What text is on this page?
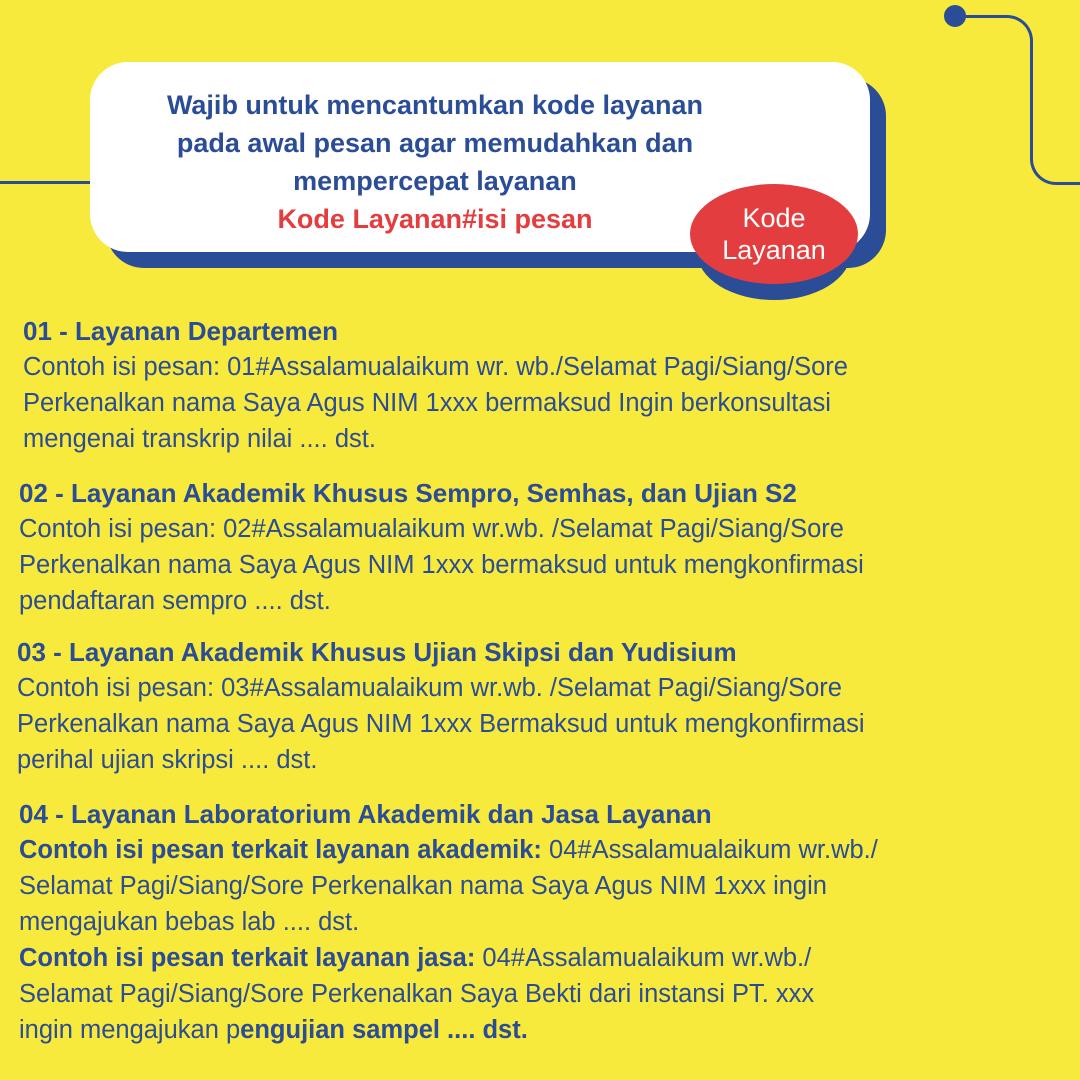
Wajib untuk mencantumkan kode layanan
pada awal pesan agar memudahkan dan
mempercepat layanan
Kode Layanan#isi pesan	Kode
Layanan
01 - Layanan Departemen
Contoh isi pesan: 01#Assalamualaikum wr. wb./Selamat Pagi/Siang/Sore
Perkenalkan nama Saya Agus NIM 1xxx bermaksud Ingin berkonsultasi
mengenai transkrip nilai .... dst.
02 - Layanan Akademik Khusus Sempro, Semhas, dan Ujian S2
Contoh isi pesan: 02#Assalamualaikum wr.wb. /Selamat Pagi/Siang/Sore
Perkenalkan nama Saya Agus NIM 1xxx bermaksud untuk mengkonfirmasi
pendaftaran sempro .... dst.
03 - Layanan Akademik Khusus Ujian Skipsi dan Yudisium
Contoh isi pesan: 03#Assalamualaikum wr.wb. /Selamat Pagi/Siang/Sore
Perkenalkan nama Saya Agus NIM 1xxx Bermaksud untuk mengkonfirmasi
perihal ujian skripsi .... dst.
04 - Layanan Laboratorium Akademik dan Jasa Layanan
Contoh isi pesan terkait layanan akademik: 04#Assalamualaikum wr.wb./
Selamat Pagi/Siang/Sore Perkenalkan nama Saya Agus NIM 1xxx ingin
mengajukan bebas lab .... dst.
Contoh isi pesan terkait layanan jasa: 04#Assalamualaikum wr.wb./
Selamat Pagi/Siang/Sore Perkenalkan Saya Bekti dari instansi PT. xxx
ingin mengajukan pengujian sampel .... dst.
